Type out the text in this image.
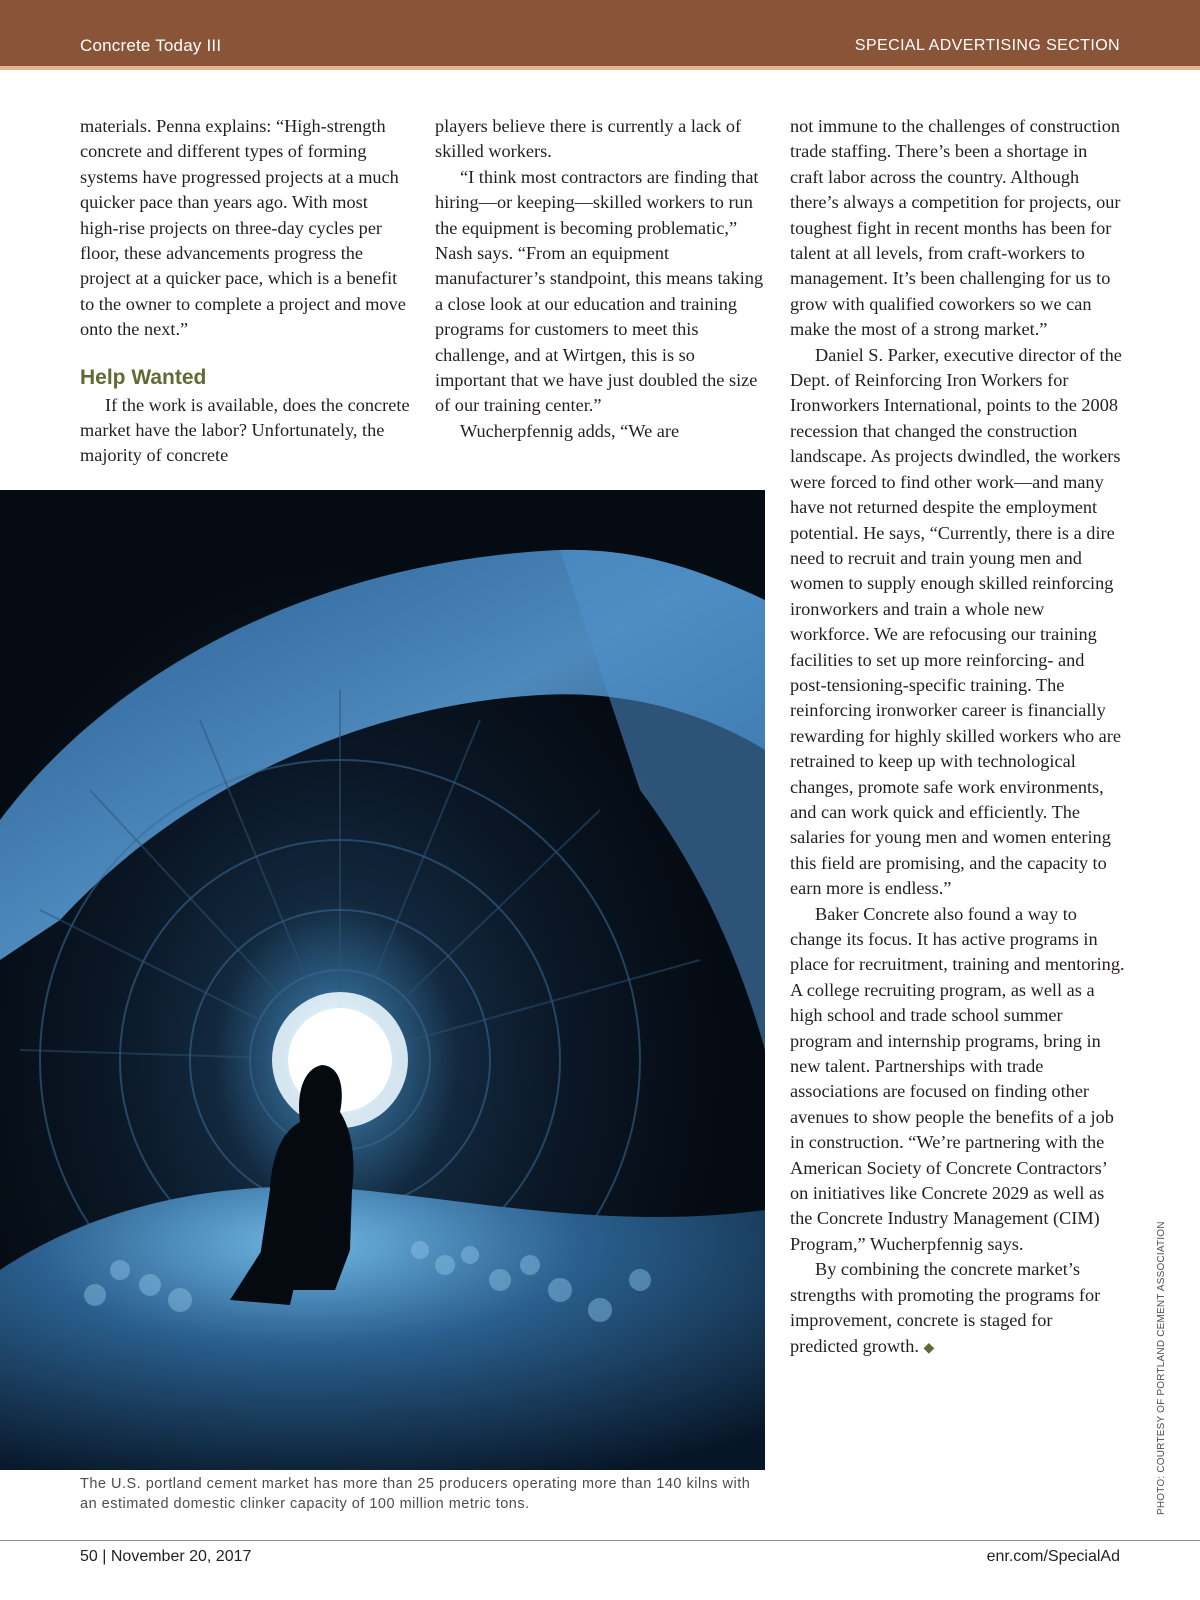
Concrete Today III	SPECIAL ADVERTISING SECTION

materials. Penna explains: “High-strength concrete and different types of forming systems have progressed projects at a much quicker pace than years ago. With most high-rise projects on three-day cycles per floor, these advancements progress the project at a quicker pace, which is a benefit to the owner to complete a project and move onto the next.”

Help Wanted

If the work is available, does the concrete market have the labor? Unfortunately, the majority of concrete

players believe there is currently a lack of skilled workers.

“I think most contractors are finding that hiring—or keeping—skilled workers to run the equipment is becoming problematic,” Nash says. “From an equipment manufacturer’s standpoint, this means taking a close look at our education and training programs for customers to meet this challenge, and at Wirtgen, this is so important that we have just doubled the size of our training center.”

Wucherpfennig adds, “We are

not immune to the challenges of construction trade staffing. There’s been a shortage in craft labor across the country. Although there’s always a competition for projects, our toughest fight in recent months has been for talent at all levels, from craft-workers to management. It’s been challenging for us to grow with qualified coworkers so we can make the most of a strong market.”

Daniel S. Parker, executive director of the Dept. of Reinforcing Iron Workers for Ironworkers International, points to the 2008 recession that changed the construction landscape. As projects dwindled, the workers were forced to find other work—and many have not returned despite the employment potential. He says, “Currently, there is a dire need to recruit and train young men and women to supply enough skilled reinforcing ironworkers and train a whole new workforce. We are refocusing our training facilities to set up more reinforcing- and post-tensioning-specific training. The reinforcing ironworker career is financially rewarding for highly skilled workers who are retrained to keep up with technological changes, promote safe work environments, and can work quick and efficiently. The salaries for young men and women entering this field are promising, and the capacity to earn more is endless.”

Baker Concrete also found a way to change its focus. It has active programs in place for recruitment, training and mentoring. A college recruiting program, as well as a high school and trade school summer program and internship programs, bring in new talent. Partnerships with trade associations are focused on finding other avenues to show people the benefits of a job in construction. “We’re partnering with the American Society of Concrete Contractors’ on initiatives like Concrete 2029 as well as the Concrete Industry Management (CIM) Program,” Wucherpfennig says.

By combining the concrete market’s strengths with promoting the programs for improvement, concrete is staged for predicted growth. ◆

The U.S. portland cement market has more than 25 producers operating more than 140 kilns with an estimated domestic clinker capacity of 100 million metric tons.	PHOTO: COURTESY OF PORTLAND CEMENT ASSOCIATION
50 | November 20, 2017	enr.com/SpecialAd
